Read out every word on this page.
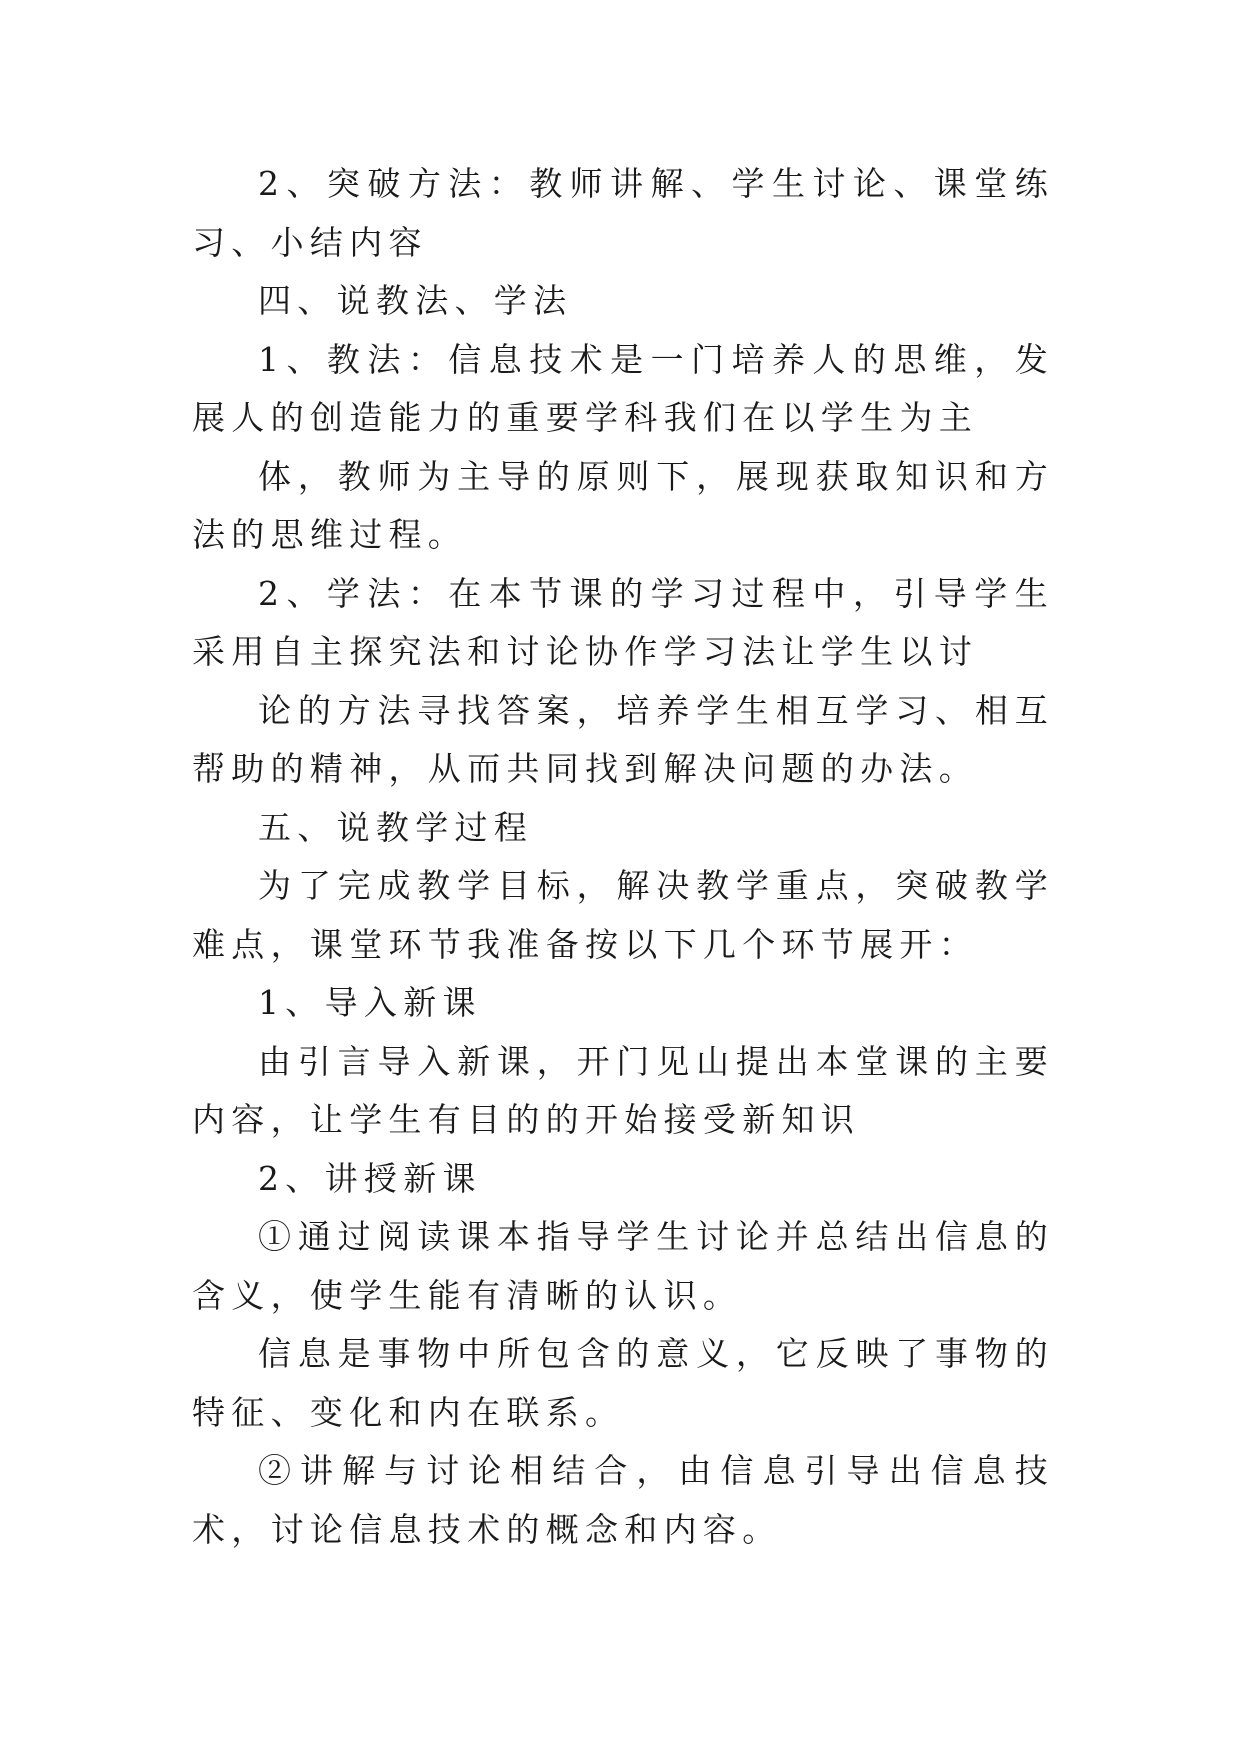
2、突破方法：教师讲解、学生讨论、课堂练习、小结内容

四、说教法、学法

1、教法：信息技术是一门培养人的思维，发展人的创造能力的重要学科我们在以学生为主

体，教师为主导的原则下，展现获取知识和方法的思维过程。

2、学法：在本节课的学习过程中，引导学生采用自主探究法和讨论协作学习法让学生以讨

论的方法寻找答案，培养学生相互学习、相互帮助的精神，从而共同找到解决问题的办法。

五、说教学过程

为了完成教学目标，解决教学重点，突破教学难点，课堂环节我准备按以下几个环节展开：

1、导入新课

由引言导入新课，开门见山提出本堂课的主要内容，让学生有目的的开始接受新知识

2、讲授新课

①通过阅读课本指导学生讨论并总结出信息的含义，使学生能有清晰的认识。

信息是事物中所包含的意义，它反映了事物的特征、变化和内在联系。

②讲解与讨论相结合，由信息引导出信息技术，讨论信息技术的概念和内容。
